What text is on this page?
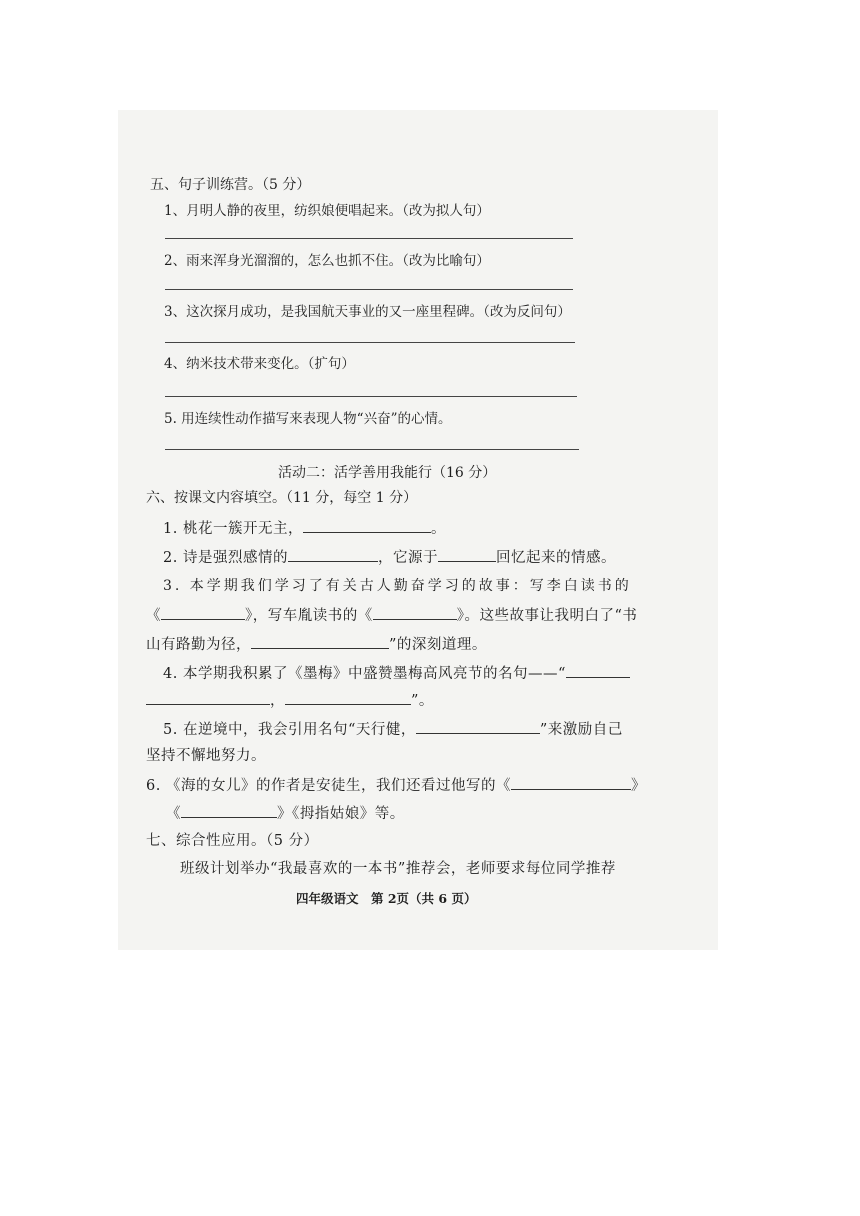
五、句子训练营。（5 分）
1、月明人静的夜里，纺织娘便唱起来。（改为拟人句）
2、雨来浑身光溜溜的，怎么也抓不住。（改为比喻句）
3、这次探月成功，是我国航天事业的又一座里程碑。（改为反问句）
4、纳米技术带来变化。（扩句）
5. 用连续性动作描写来表现人物“兴奋”的心情。
活动二：活学善用我能行（16 分）
六、按课文内容填空。（11 分，每空 1 分）
1. 桃花一簇开无主，	。
2. 诗是强烈感情的	，它源于	回忆起来的情感。
3. 本学期我们学习了有关古人勤奋学习的故事：写李白读书的
《	》，写车胤读书的《	》。这些故事让我明白了“书
山有路勤为径，	”的深刻道理。
4. 本学期我积累了《墨梅》中盛赞墨梅高风亮节的名句——“
，	”。
5. 在逆境中，我会引用名句“天行健，	”来激励自己
坚持不懈地努力。
6. 《海的女儿》的作者是安徒生，我们还看过他写的《	》
《	》《拇指姑娘》等。
七、综合性应用。（5 分）
班级计划举办“我最喜欢的一本书”推荐会，老师要求每位同学推荐
四年级语文　第 2页（共 6 页）
